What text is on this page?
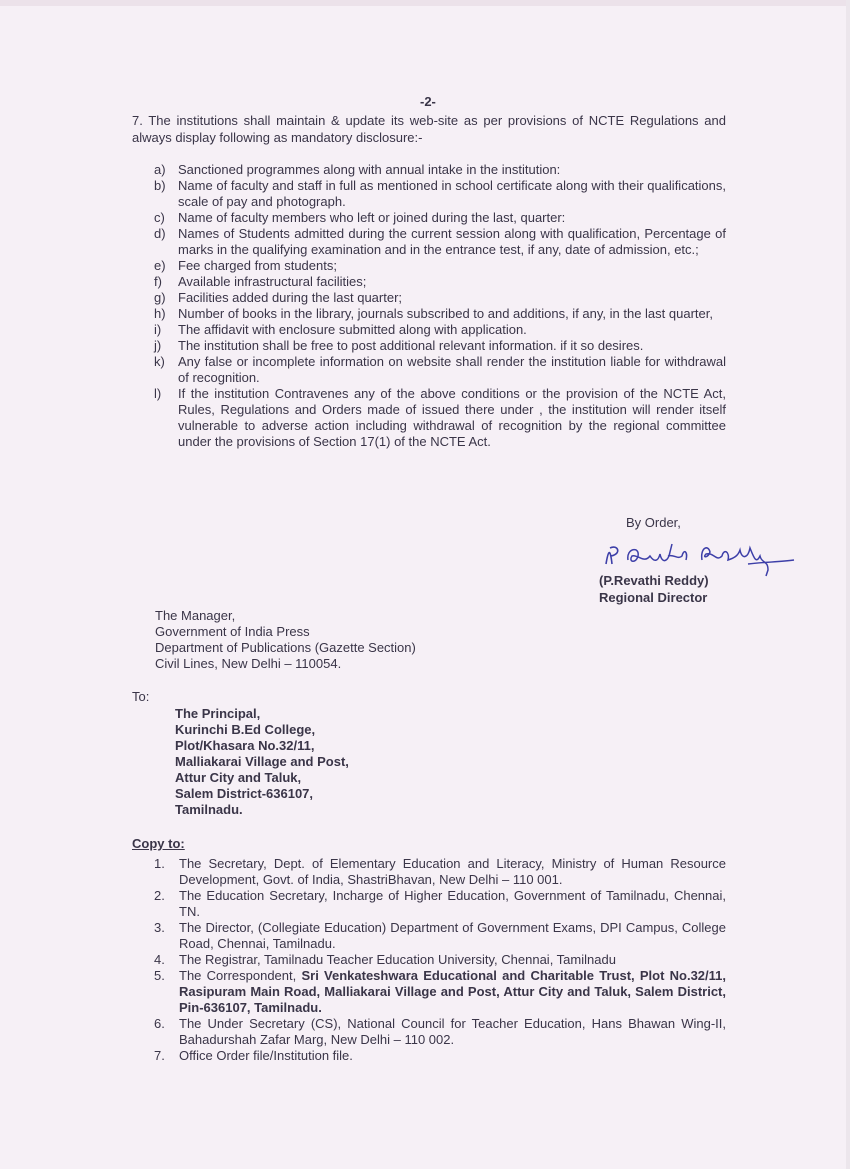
-2-
7. The institutions shall maintain & update its web-site as per provisions of NCTE Regulations and always display following as mandatory disclosure:-
a) Sanctioned programmes along with annual intake in the institution:
b) Name of faculty and staff in full as mentioned in school certificate along with their qualifications, scale of pay and photograph.
c) Name of faculty members who left or joined during the last, quarter:
d) Names of Students admitted during the current session along with qualification, Percentage of marks in the qualifying examination and in the entrance test, if any, date of admission, etc.;
e) Fee charged from students;
f) Available infrastructural facilities;
g) Facilities added during the last quarter;
h) Number of books in the library, journals subscribed to and additions, if any, in the last quarter,
i) The affidavit with enclosure submitted along with application.
j) The institution shall be free to post additional relevant information. if it so desires.
k) Any false or incomplete information on website shall render the institution liable for withdrawal of recognition.
l) If the institution Contravenes any of the above conditions or the provision of the NCTE Act, Rules, Regulations and Orders made of issued there under , the institution will render itself vulnerable to adverse action including withdrawal of recognition by the regional committee under the provisions of Section 17(1) of the NCTE Act.
By Order,
(P.Revathi Reddy)
Regional Director
The Manager,
Government of India Press
Department of Publications (Gazette Section)
Civil Lines, New Delhi – 110054.
To:
The Principal,
Kurinchi B.Ed College,
Plot/Khasara No.32/11,
Malliakarai Village and Post,
Attur City and Taluk,
Salem District-636107,
Tamilnadu.
Copy to:
1. The Secretary, Dept. of Elementary Education and Literacy, Ministry of Human Resource Development, Govt. of India, ShastriBhavan, New Delhi – 110 001.
2. The Education Secretary, Incharge of Higher Education, Government of Tamilnadu, Chennai, TN.
3. The Director, (Collegiate Education) Department of Government Exams, DPI Campus, College Road, Chennai, Tamilnadu.
4. The Registrar, Tamilnadu Teacher Education University, Chennai, Tamilnadu
5. The Correspondent, Sri Venkateshwara Educational and Charitable Trust, Plot No.32/11, Rasipuram Main Road, Malliakarai Village and Post, Attur City and Taluk, Salem District, Pin-636107, Tamilnadu.
6. The Under Secretary (CS), National Council for Teacher Education, Hans Bhawan Wing-II, Bahadurshah Zafar Marg, New Delhi – 110 002.
7. Office Order file/Institution file.
